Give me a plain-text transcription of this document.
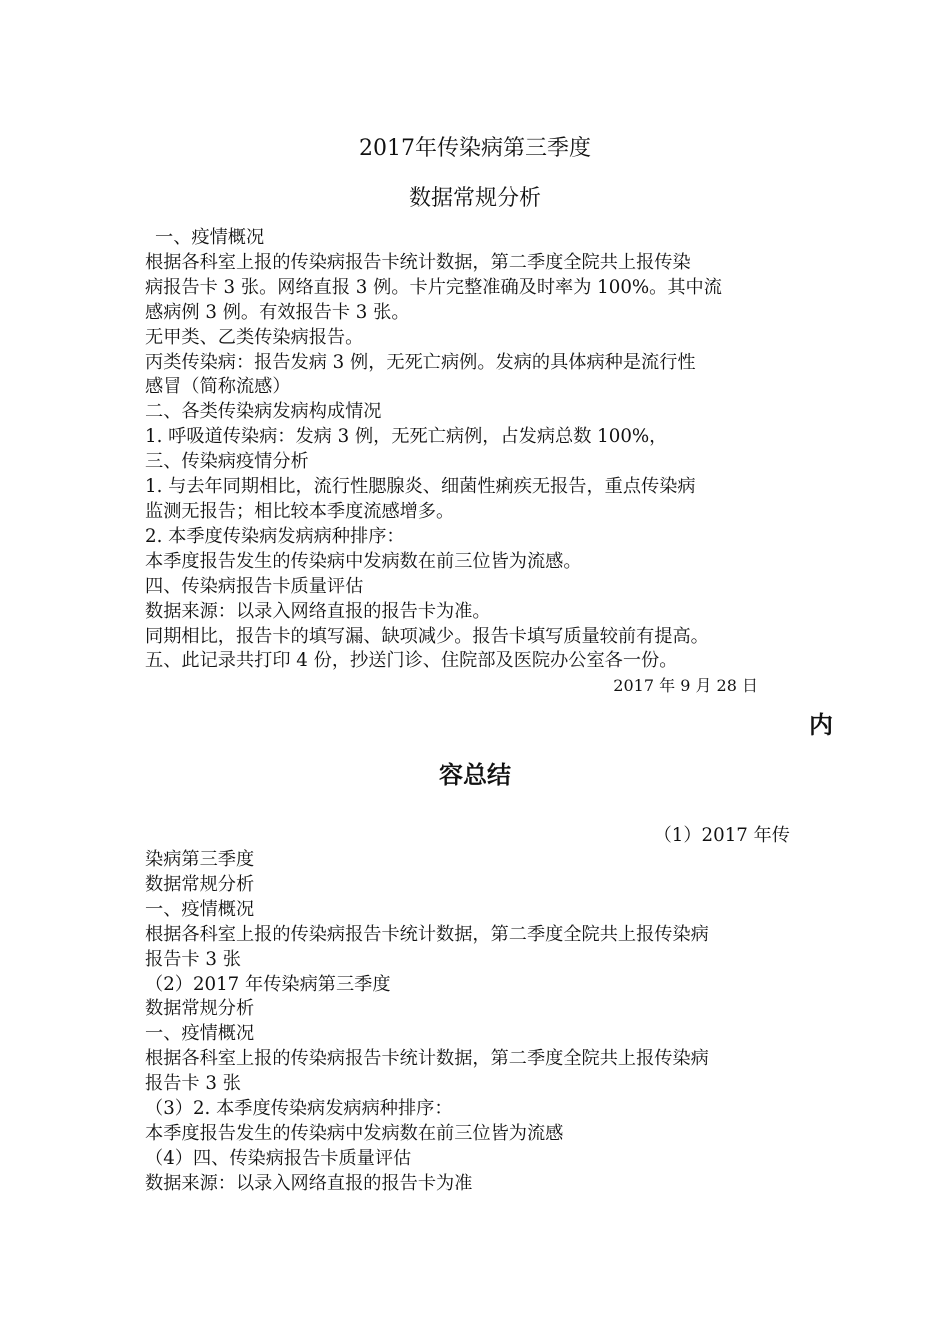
2017年传染病第三季度
数据常规分析
一、疫情概况
根据各科室上报的传染病报告卡统计数据，第二季度全院共上报传染
病报告卡 3 张。网络直报 3 例。卡片完整准确及时率为 100%。其中流
感病例 3 例。有效报告卡 3 张。
无甲类、乙类传染病报告。
丙类传染病：报告发病 3 例，无死亡病例。发病的具体病种是流行性
感冒（简称流感）
二、各类传染病发病构成情况
1. 呼吸道传染病：发病 3 例，无死亡病例，占发病总数 100%，
三、传染病疫情分析
1. 与去年同期相比，流行性腮腺炎、细菌性痢疾无报告，重点传染病
监测无报告；相比较本季度流感增多。
2. 本季度传染病发病病种排序：
本季度报告发生的传染病中发病数在前三位皆为流感。
四、传染病报告卡质量评估
数据来源：以录入网络直报的报告卡为准。
同期相比，报告卡的填写漏、缺项减少。报告卡填写质量较前有提高。
五、此记录共打印 4 份，抄送门诊、住院部及医院办公室各一份。
2017 年 9 月 28 日
内
容总结
（1）2017 年传
染病第三季度
数据常规分析
一、疫情概况
根据各科室上报的传染病报告卡统计数据，第二季度全院共上报传染病
报告卡 3 张
（2）2017 年传染病第三季度
数据常规分析
一、疫情概况
根据各科室上报的传染病报告卡统计数据，第二季度全院共上报传染病
报告卡 3 张
（3）2. 本季度传染病发病病种排序：
本季度报告发生的传染病中发病数在前三位皆为流感
（4）四、传染病报告卡质量评估
数据来源：以录入网络直报的报告卡为准
